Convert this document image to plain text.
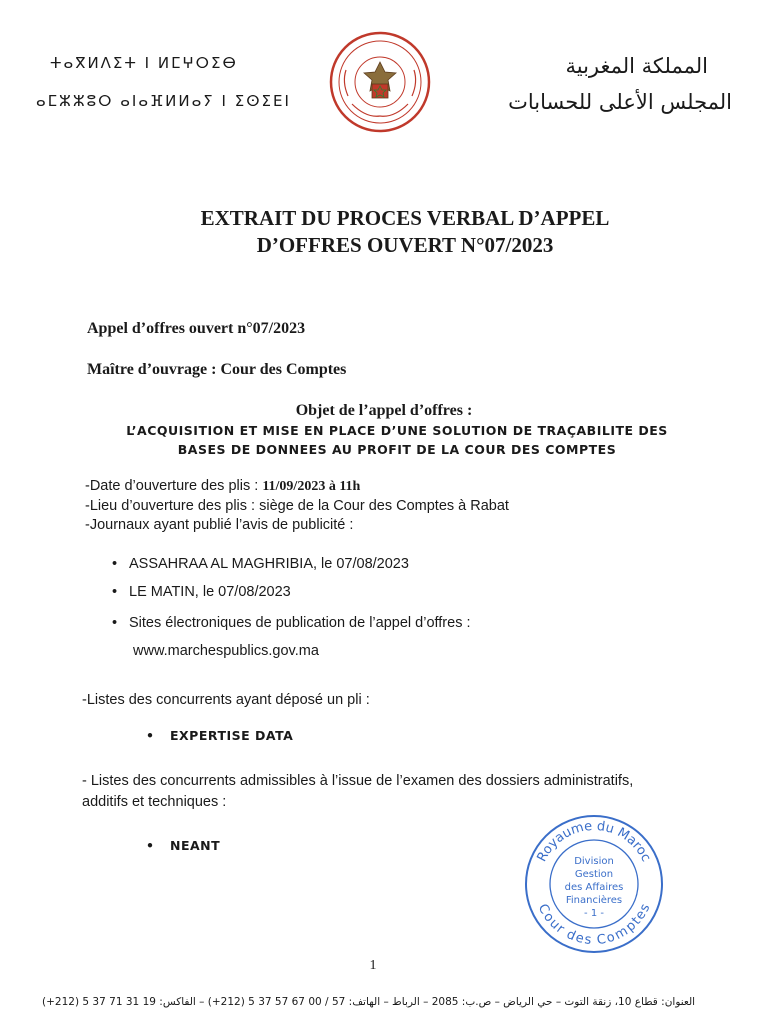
ⵜⴰⴳⵍⴷⵉⵜ ⵏ ⵍⵎⵖⵔⵉⴱ
ⴰⵎⵣⵣⵓⵔ ⴰⵏⴰⴼⵍⵍⴰⵢ ⵏ ⵉⵙⵉⴹⵏ
المملكة المغربية
المجلس الأعلى للحسابات
EXTRAIT DU PROCES VERBAL D’APPEL
D’OFFRES OUVERT N°07/2023
Appel d’offres ouvert n°07/2023
Maître d’ouvrage : Cour des Comptes
Objet de l’appel d’offres :
L’ACQUISITION ET MISE EN PLACE D’UNE SOLUTION DE TRAÇABILITE DES
BASES DE DONNEES AU PROFIT DE LA COUR DES COMPTES
-Date d’ouverture des plis : 11/09/2023 à 11h
-Lieu d’ouverture des plis : siège de la Cour des Comptes à Rabat
-Journaux ayant publié l’avis de publicité :
• ASSAHRAA AL MAGHRIBIA, le 07/08/2023
• LE MATIN, le 07/08/2023
• Sites électroniques de publication de l’appel d’offres :
www.marchespublics.gov.ma
-Listes des concurrents ayant déposé un pli :
• EXPERTISE DATA
- Listes des concurrents admissibles à l’issue de l’examen des dossiers administratifs,
additifs et techniques :
• NEANT
Royaume du Maroc
Cour des Comptes
Division
Gestion
des Affaires
Financières
- 1 -
1
العنوان: قطاع 10، زنقة التوت – حي الرياض – ص.ب: 2085 – الرباط – الهاتف: 57 / 00 67 57 37 5 (212+) – الفاكس: 19 31 71 37 5 (212+)
